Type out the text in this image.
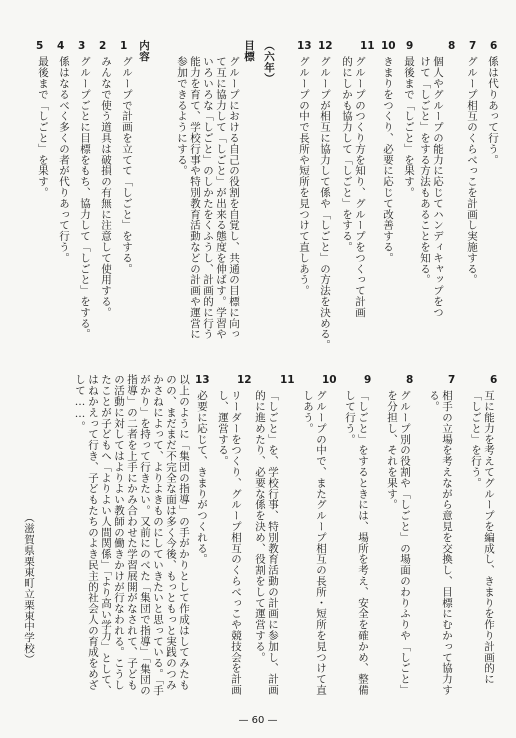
6
係は代りあって行う。
7
グループ相互のくらべっこを計画し実施する。
8
個人やグループの能力に応じてハンディキャップをつけて「しごと」をする方法もあることを知る。
9
最後まで「しごと」を果す。
10
きまりをつくり、必要に応じて改善する。
11
グループのつくり方を知り、グループをつくって計画的にしかも協力して「しごと」をする。
12
グループが相互に協力して係や「しごと」の方法を決める。
13
グループの中で長所や短所を見つけて直しあう。
（六年）
目標
グループにおける自己の役割を自覚し、共通の目標に向って互に協力して「しごと」が出来る態度を伸ばす。学習やいろいろな「しごと」のしかたをくふうし、計画的に行う能力を育て、学校行事や特別教育活動などの計画や運営に参加できるようにする。
内容
1
グループで計画を立てて「しごと」をする。
2
みんなで使う道具は破損の有無に注意して使用する。
3
グループごとに目標をもち、協力して「しごと」をする。
4
係はなるべく多くの者が代りあって行う。
5
最後まで「しごと」を果す。
6
互に能力を考えてグループを編成し、きまりを作り計画的に「しごと」を行う。
7
相手の立場を考えながら意見を交換し、目標にむかって協力する。
8
グループ別の役割や「しごと」の場面のわりふりや「しごと」を分担し、それを果す。
9
「しごと」をするときには、場所を考え、安全を確かめ、整備して行う。
10
グループの中で、またグループ相互の長所・短所を見つけて直しあう。
11
「しごと」を、学校行事、特別教育活動の計画に参加し、計画的に進めたり、必要な係を決め、役割をして運営する。
12
リーダーをつくり、グループ相互のくらべっこや競技会を計画し、運営する。
13
必要に応じて、きまりがつくれる。
以上のように「集団の指導」の手がかりとして作成はしてみたものの、まだまだ不完全な面は多く今後、もっともっと実践のつみかさねによって、よりよきものにしていきたいと思っている。「手がかり」を持って行きたい。又前にのべた「集団で指導」「集団の指導」の二者を上手にかみ合わせた学習展開がなされて、子どもの活動に対してはよりよい教師の働きかけが行なわれる。こうしたことが子どもへ「よりよい人間関係」「より高い学力」として、はねかえって行き、子どもたちのよき民主的社会人の育成をめざして……。
（滋賀県栗東町立栗東中学校）
— 60 —
